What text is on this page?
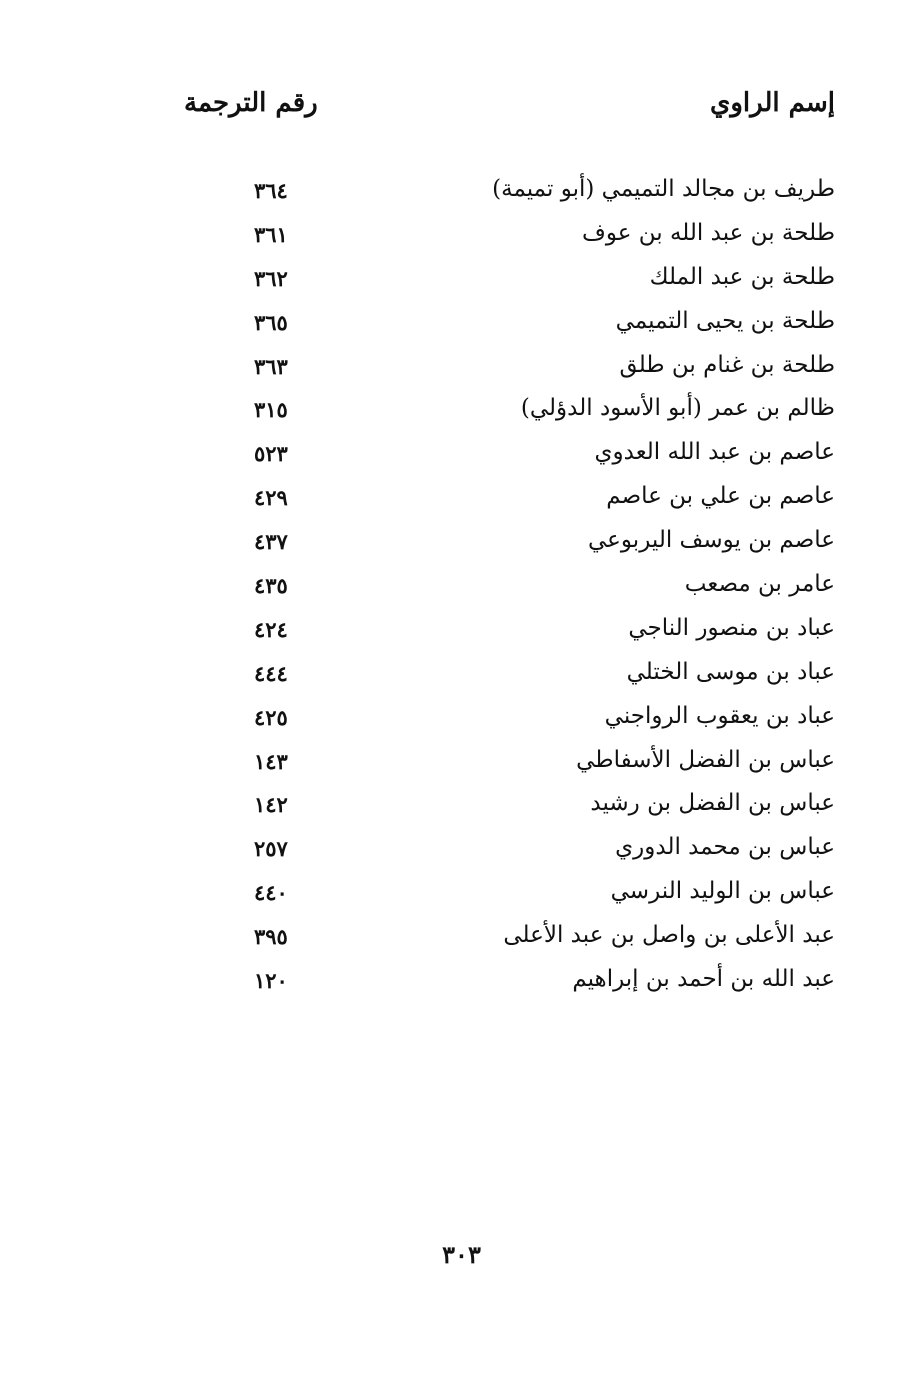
إسم الراوي
رقم الترجمة
طريف بن مجالد التميمي (أبو تميمة)
٣٦٤
طلحة بن عبد الله بن عوف
٣٦١
طلحة بن عبد الملك
٣٦٢
طلحة بن يحيى التميمي
٣٦٥
طلحة بن غنام بن طلق
٣٦٣
ظالم بن عمر (أبو الأسود الدؤلي)
٣١٥
عاصم بن عبد الله العدوي
٥٢٣
عاصم بن علي بن عاصم
٤٢٩
عاصم بن يوسف اليربوعي
٤٣٧
عامر بن مصعب
٤٣٥
عباد بن منصور الناجي
٤٢٤
عباد بن موسى الختلي
٤٤٤
عباد بن يعقوب الرواجني
٤٢٥
عباس بن الفضل الأسفاطي
١٤٣
عباس بن الفضل بن رشيد
١٤٢
عباس بن محمد الدوري
٢٥٧
عباس بن الوليد النرسي
٤٤٠
عبد الأعلى بن واصل بن عبد الأعلى
٣٩٥
عبد الله بن أحمد بن إبراهيم
١٢٠
٣٠٣
